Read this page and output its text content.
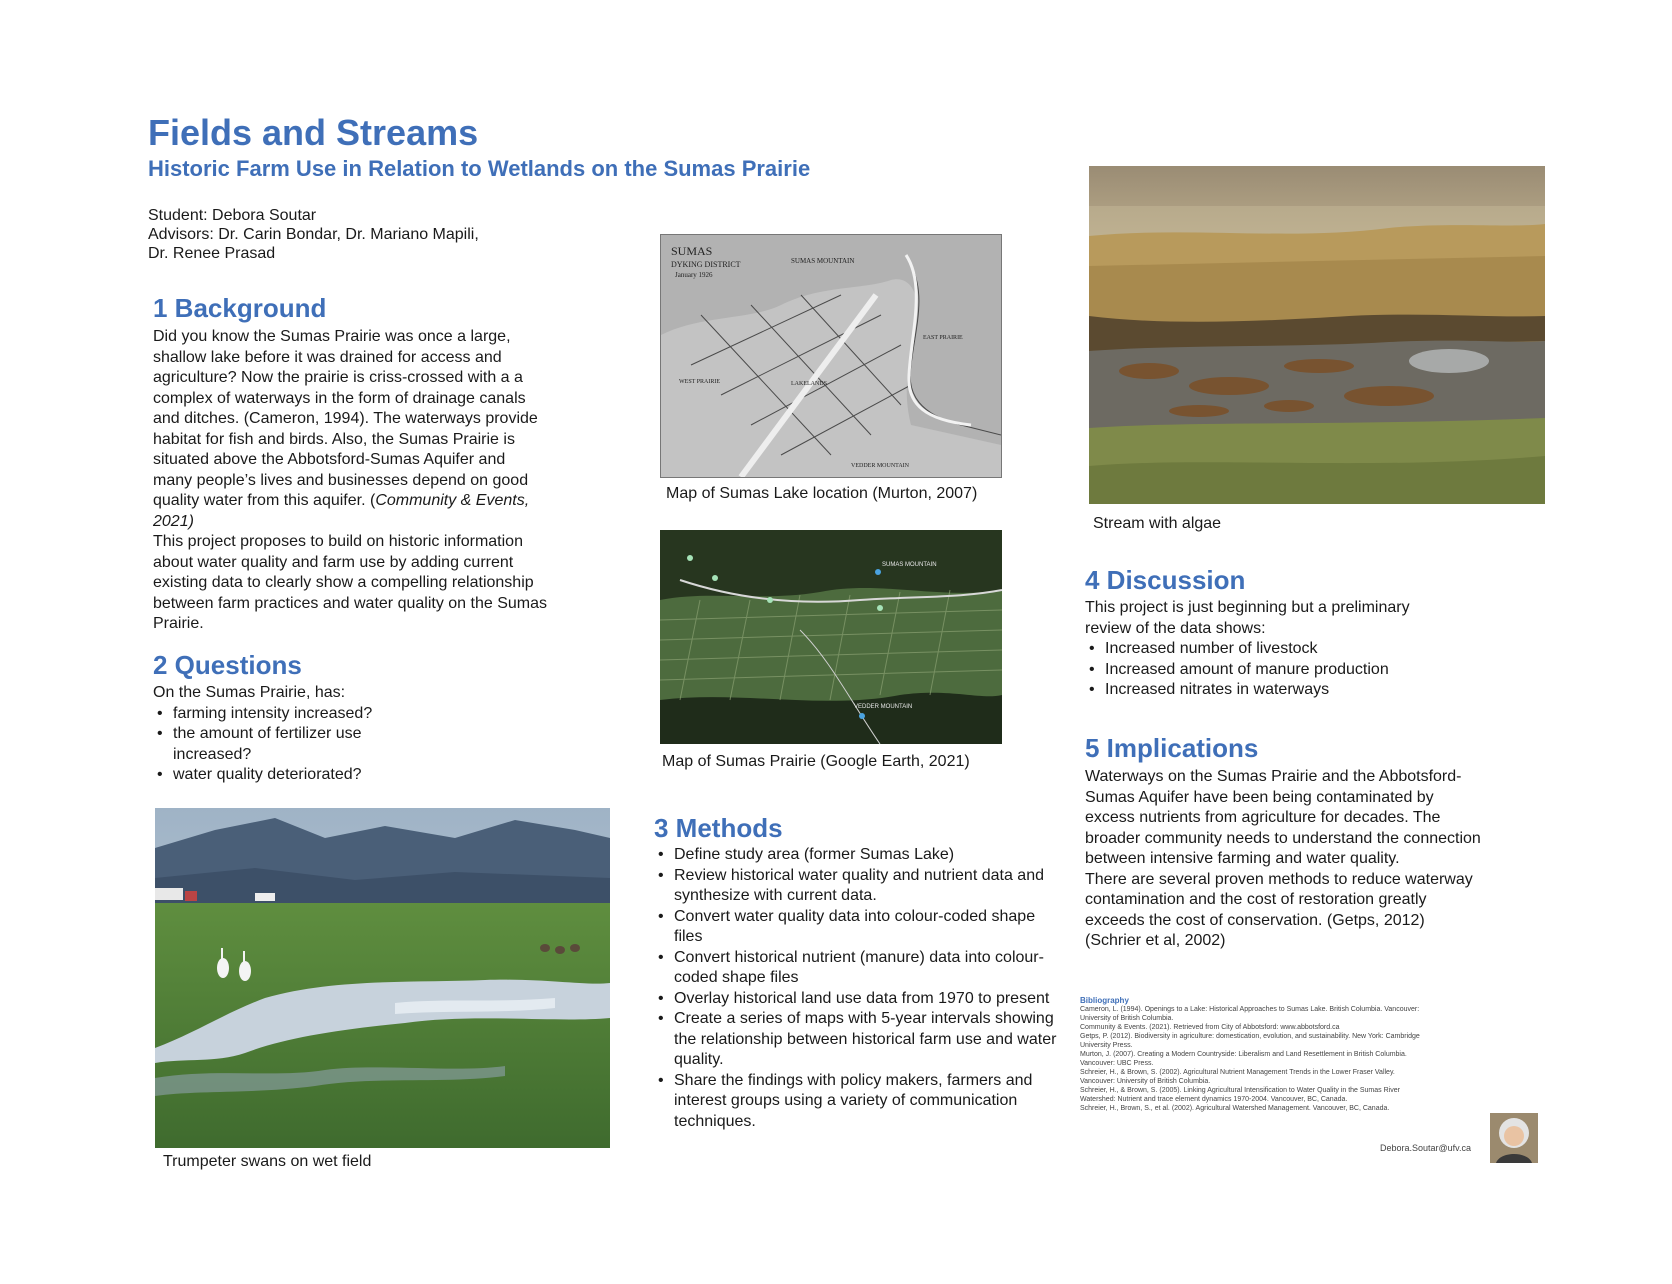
Fields and Streams
Historic Farm Use in Relation to Wetlands on the Sumas Prairie
Student: Debora Soutar
Advisors: Dr. Carin Bondar, Dr. Mariano Mapili,
Dr. Renee Prasad
1 Background

Did you know the Sumas Prairie was once a large, shallow lake before it was drained for access and agriculture? Now the prairie is criss-crossed with a a complex of waterways in the form of drainage canals and ditches. (Cameron, 1994). The waterways provide habitat for fish and birds. Also, the Sumas Prairie is situated above the Abbotsford-Sumas Aquifer and many people’s lives and businesses depend on good quality water from this aquifer. (Community & Events, 2021)

This project proposes to build on historic information about water quality and farm use by adding current existing data to clearly show a compelling relationship between farm practices and water quality on the Sumas Prairie.

2 Questions

On the Sumas Prairie, has:

• farming intensity increased?
• the amount of fertilizer use increased?
• water quality deteriorated?
Trumpeter swans on wet field
SUMAS
DYKING DISTRICT
January 1926
SUMAS MOUNTAIN
EAST PRAIRIE
WEST PRAIRIE	LAKELANDS
VEDDER MOUNTAIN
Map of Sumas Lake location (Murton, 2007)
SUMAS MOUNTAIN
VEDDER MOUNTAIN
Map of Sumas Prairie (Google Earth, 2021)
3 Methods
• Define study area (former Sumas Lake)
• Review historical water quality and nutrient data and synthesize with current data.
• Convert water quality data into colour-coded shape files
• Convert historical nutrient (manure) data into colour-coded shape files
• Overlay historical land use data from 1970 to present
• Create a series of maps with 5-year intervals showing the relationship between historical farm use and water quality.
• Share the findings with policy makers, farmers and interest groups using a variety of communication techniques.
Stream with algae
4 Discussion

This project is just beginning but a preliminary review of the data shows:

• Increased number of livestock
• Increased amount of manure production
• Increased nitrates in waterways
5 Implications

Waterways on the Sumas Prairie and the Abbotsford-Sumas Aquifer have been being contaminated by excess nutrients from agriculture for decades. The broader community needs to understand the connection between intensive farming and water quality.

There are several proven methods to reduce waterway contamination and the cost of restoration greatly exceeds the cost of conservation. (Getps, 2012) (Schrier et al, 2002)

Bibliography

Cameron, L. (1994). Openings to a Lake: Historical Approaches to Sumas Lake. British Columbia. Vancouver: University of British Columbia.

Community & Events. (2021). Retrieved from City of Abbotsford: www.abbotsford.ca

Getps, P. (2012). Biodiversity in agriculture: domestication, evolution, and sustainability. New York: Cambridge University Press.

Murton, J. (2007). Creating a Modern Countryside: Liberalism and Land Resettlement in British Columbia. Vancouver: UBC Press.

Schreier, H., & Brown, S. (2002). Agricultural Nutrient Management Trends in the Lower Fraser Valley. Vancouver: University of British Columbia.

Schreier, H., & Brown, S. (2005). Linking Agricultural Intensification to Water Quality in the Sumas River Watershed: Nutrient and trace element dynamics 1970-2004. Vancouver, BC, Canada.

Schreier, H., Brown, S., et al. (2002). Agricultural Watershed Management. Vancouver, BC, Canada.

Debora.Soutar@ufv.ca
